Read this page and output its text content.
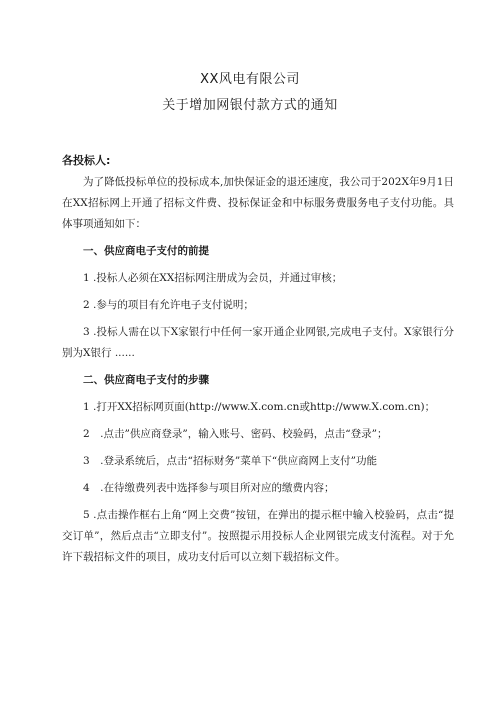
XX风电有限公司
关于增加网银付款方式的通知
各投标人:

为了降低投标单位的投标成本,加快保证金的退还速度，我公司于202X年9月1日在XX招标网上开通了招标文件费、投标保证金和中标服务费服务电子支付功能。具体事项通知如下：

一、供应商电子支付的前提

1 .投标人必须在XX招标网注册成为会员，并通过审核；

2 .参与的项目有允许电子支付说明；

3 .投标人需在以下X家银行中任何一家开通企业网银,完成电子支付。X家银行分别为X银行 ......

二、供应商电子支付的步骤

1 .打开XX招标网页面(http://www.X.com.cn或http://www.X.com.cn)；

2　.点击”供应商登录”，输入账号、密码、校验码，点击“登录”；

3　.登录系统后，点击“招标财务”菜单下“供应商网上支付”功能

4　.在待缴费列表中选择参与项目所对应的缴费内容；

5 .点击操作框右上角“网上交费”按钮，在弹出的提示框中输入校验码，点击“提交订单”，然后点击“立即支付”。按照提示用投标人企业网银完成支付流程。对于允许下载招标文件的项目，成功支付后可以立刻下载招标文件。
